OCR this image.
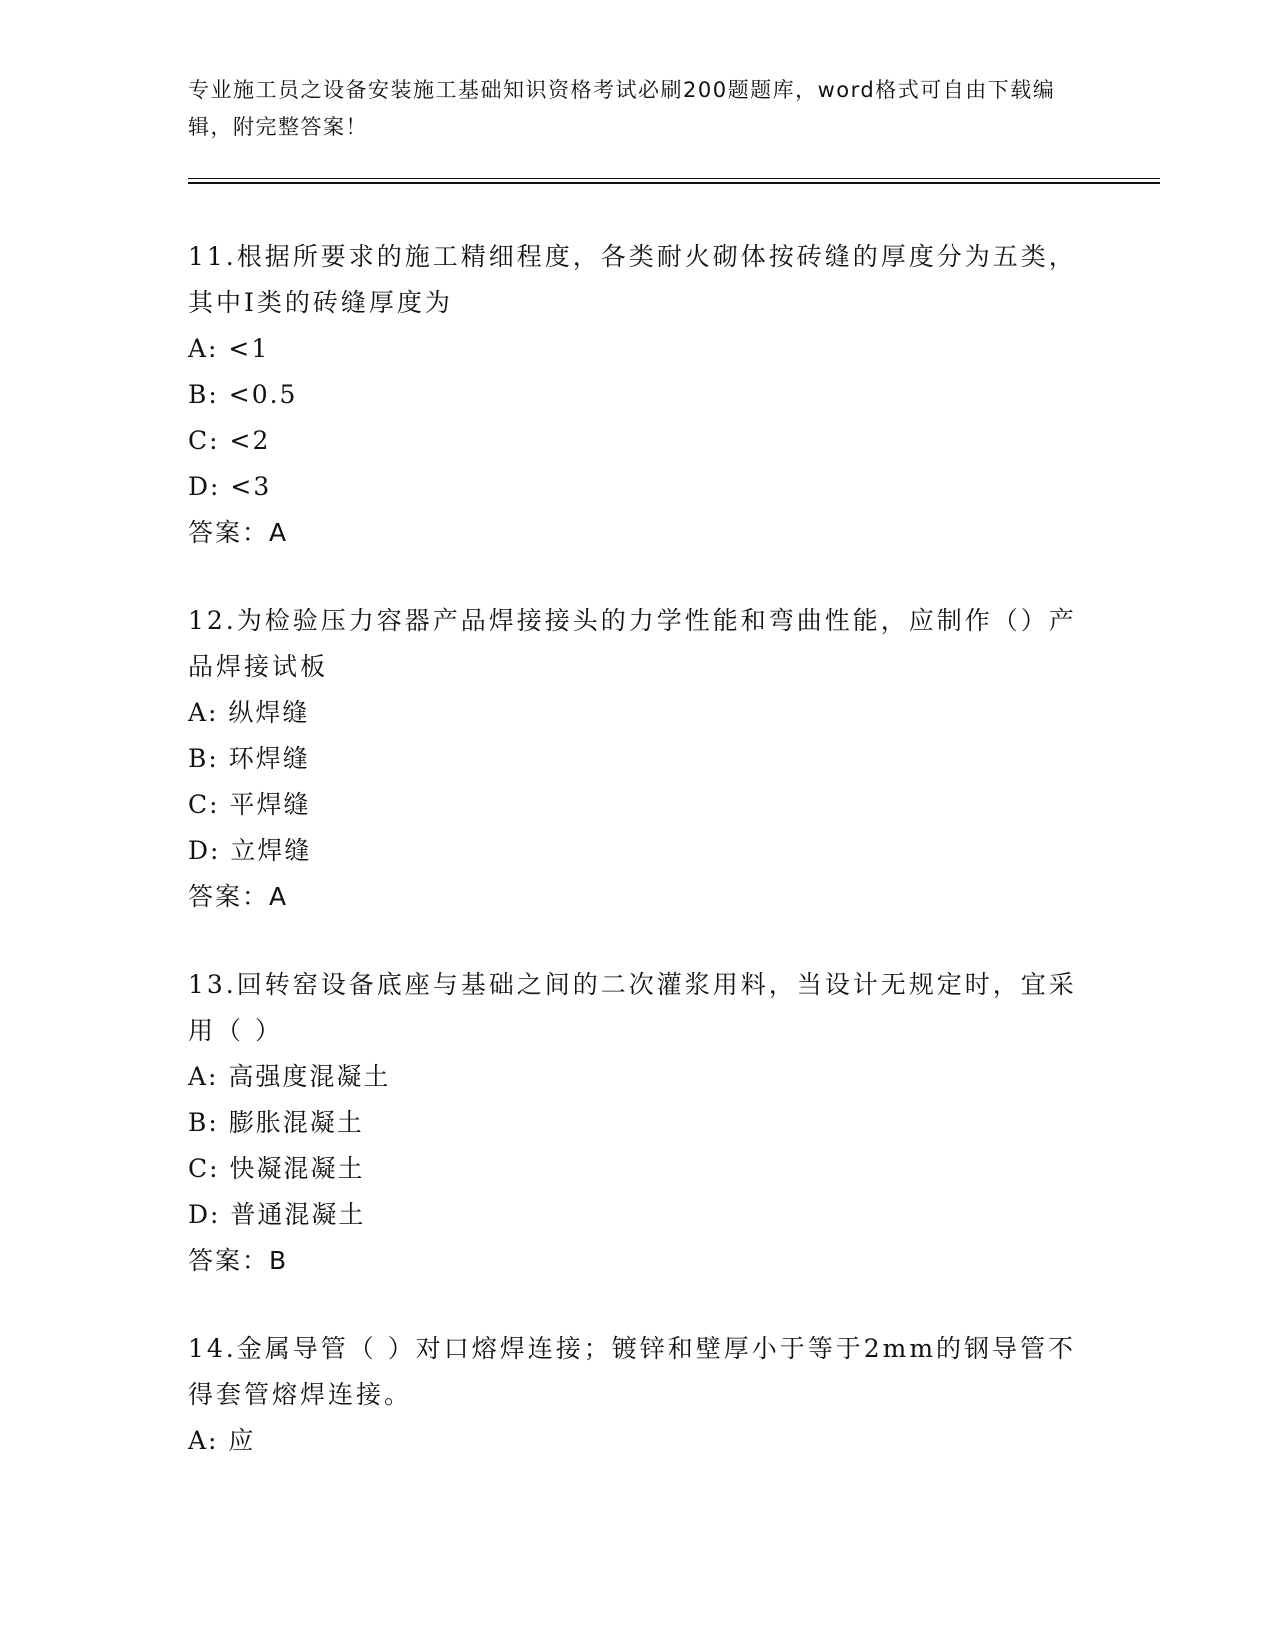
专业施工员之设备安装施工基础知识资格考试必刷200题题库，word格式可自由下载编辑，附完整答案！

11.根据所要求的施工精细程度，各类耐火砌体按砖缝的厚度分为五类，其中Ⅰ类的砖缝厚度为

A: <1

B: <0.5

C: <2

D: <3

答案：A

12.为检验压力容器产品焊接接头的力学性能和弯曲性能，应制作（）产品焊接试板

A: 纵焊缝

B: 环焊缝

C: 平焊缝

D: 立焊缝

答案：A

13.回转窑设备底座与基础之间的二次灌浆用料，当设计无规定时，宜采用（ ）

A: 高强度混凝土

B: 膨胀混凝土

C: 快凝混凝土

D: 普通混凝土

答案：B

14.金属导管（ ）对口熔焊连接；镀锌和壁厚小于等于2mm的钢导管不得套管熔焊连接。

A: 应
